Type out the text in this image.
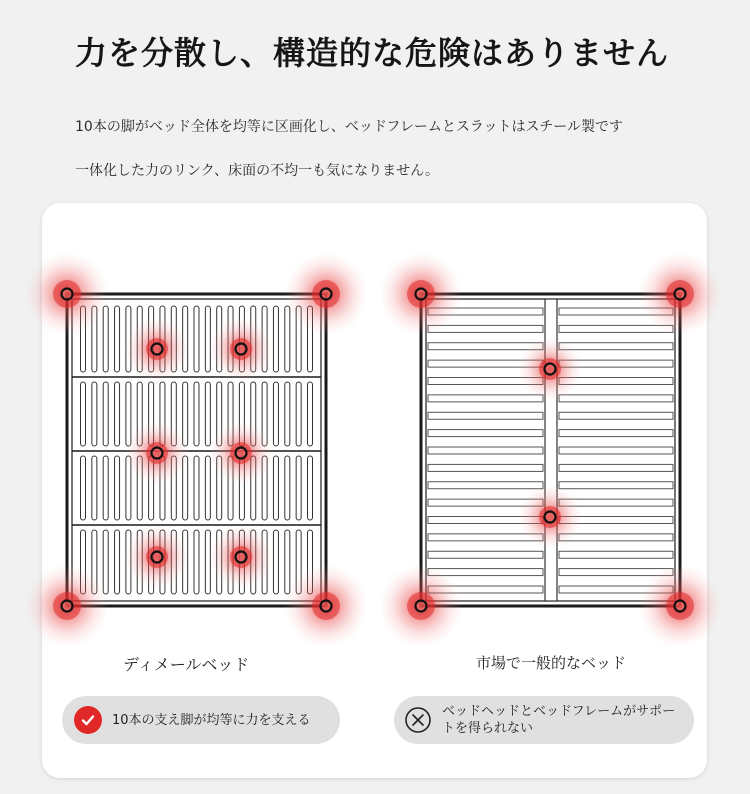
力を分散し、構造的な危険はありません
10本の脚がベッド全体を均等に区画化し、ベッドフレームとスラットはスチール製です
一体化した力のリンク、床面の不均一も気になりません。
ディメールベッド	市場で一般的なベッド
10本の支え脚が均等に力を支える
ベッドヘッドとベッドフレームがサポートを得られない
